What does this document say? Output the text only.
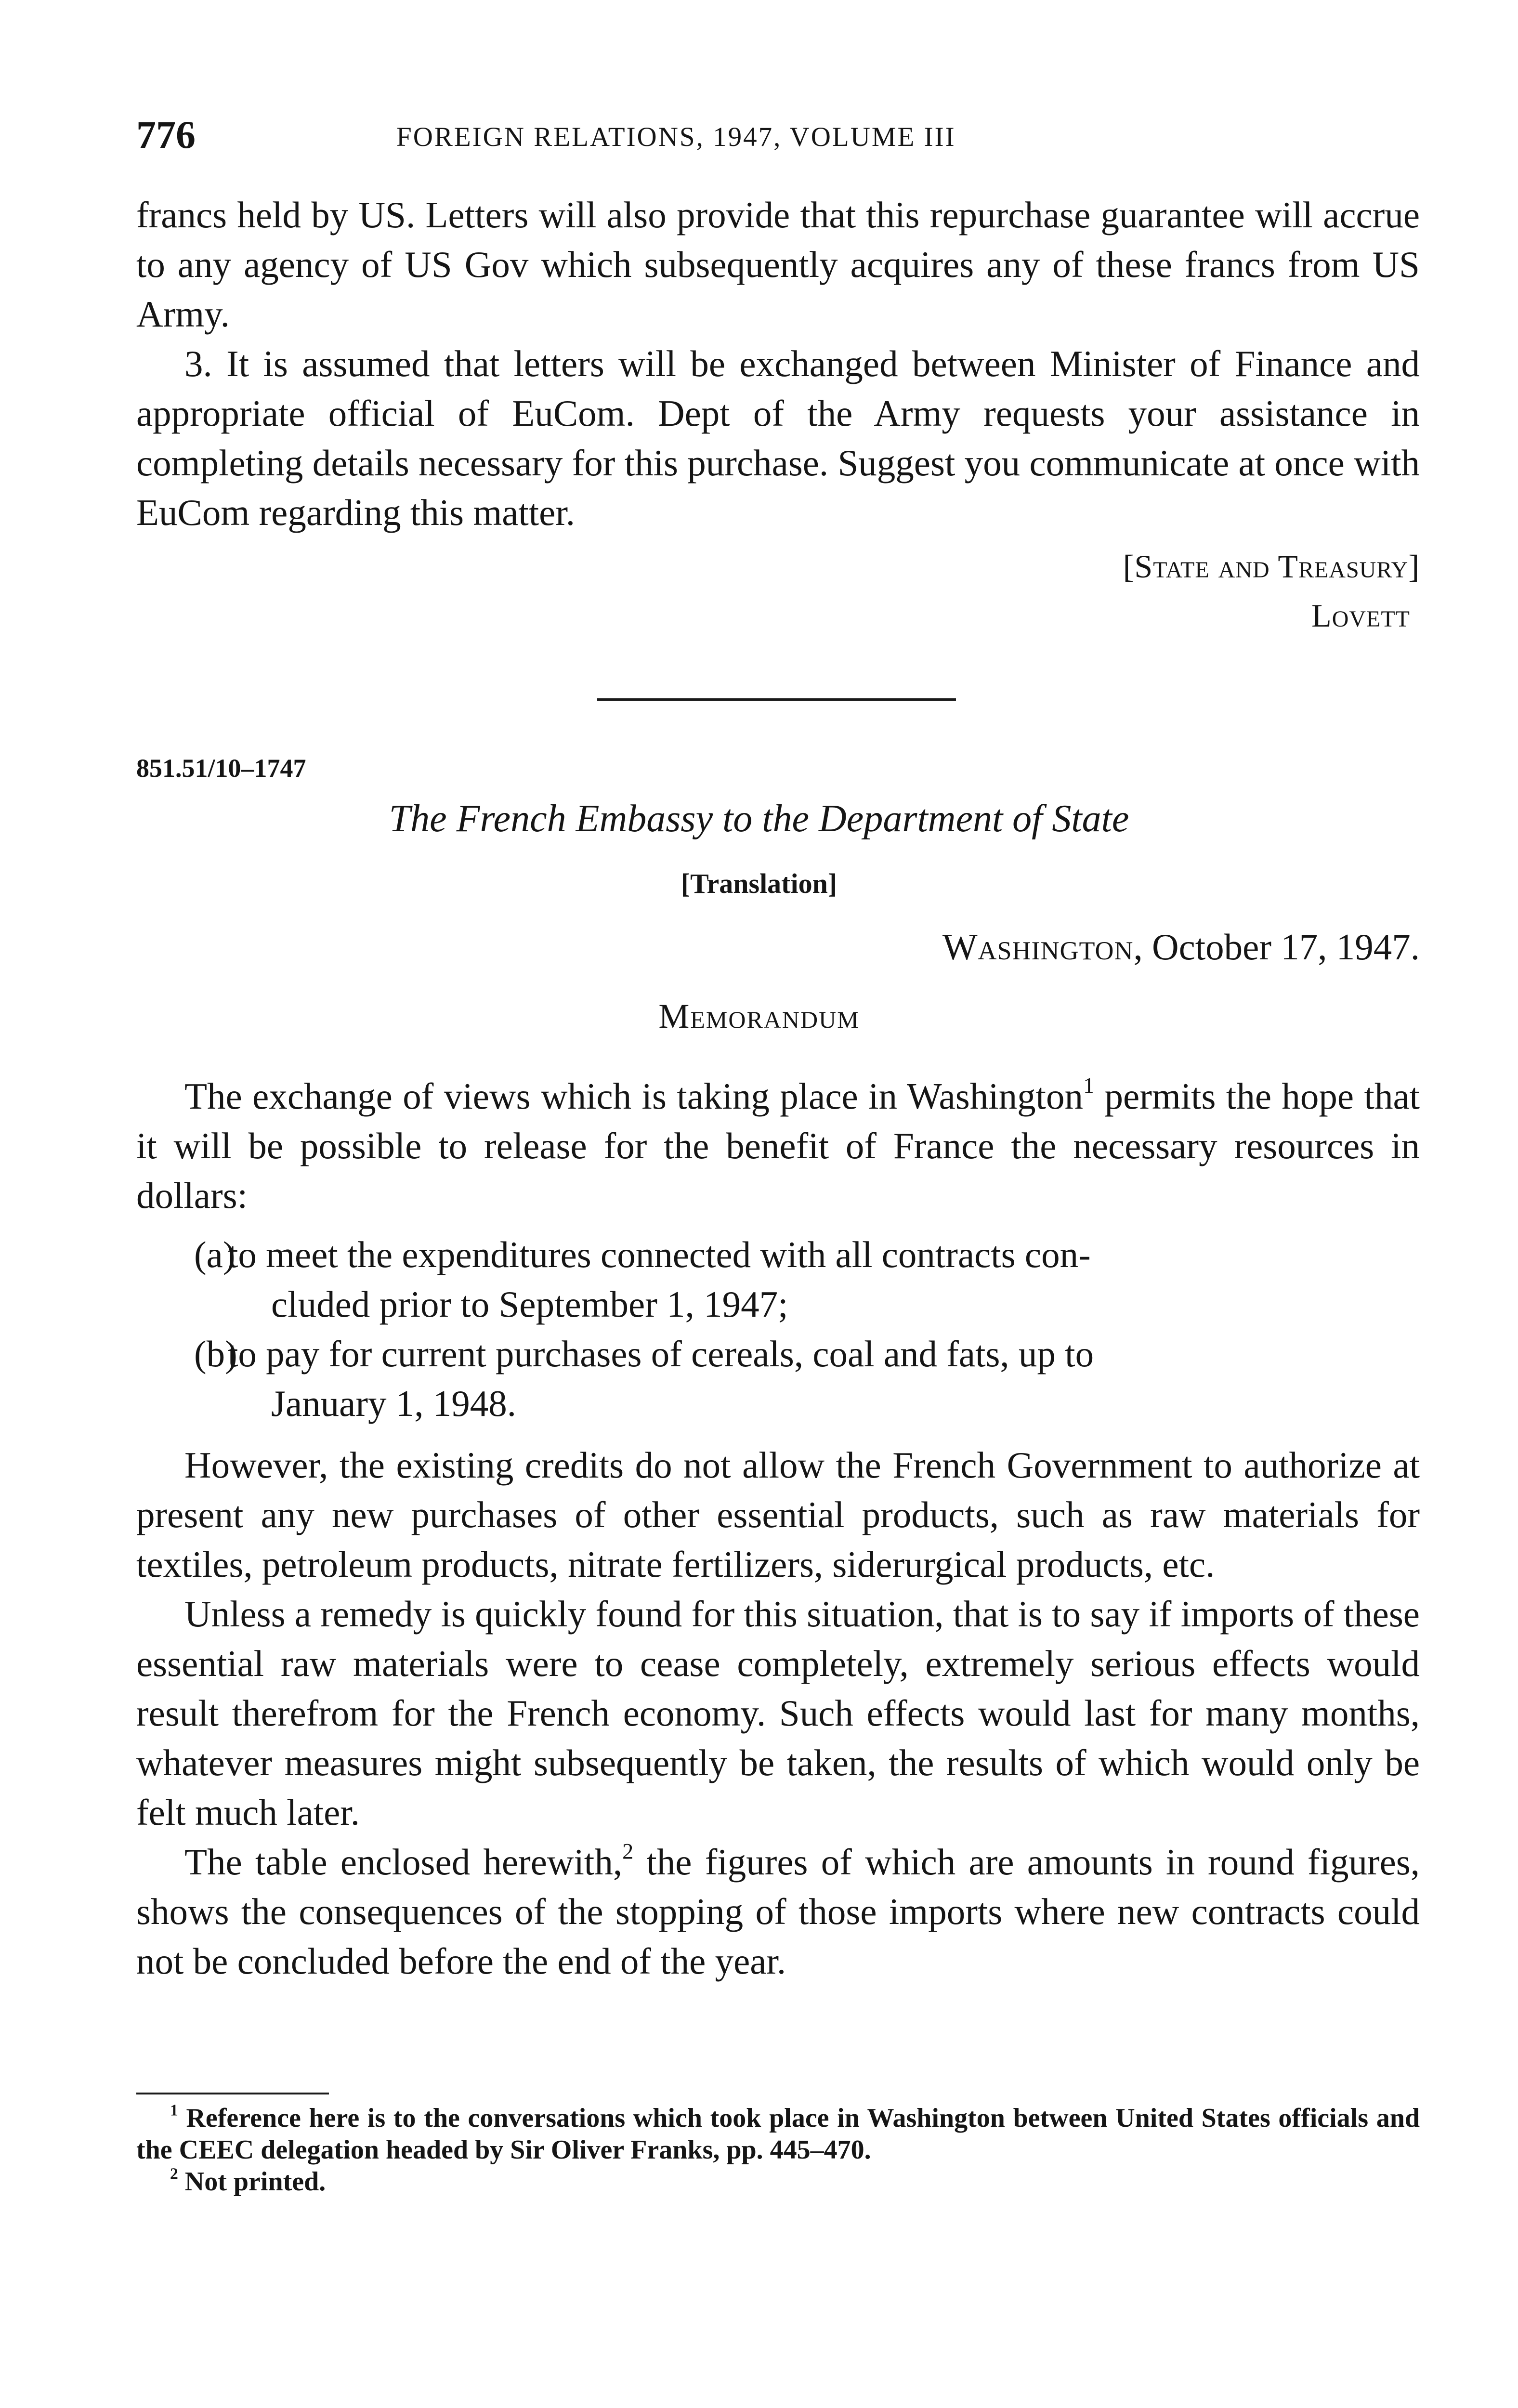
776	FOREIGN RELATIONS, 1947, VOLUME III

francs held by US. Letters will also provide that this repurchase guarantee will accrue to any agency of US Gov which subsequently acquires any of these francs from US Army.

3. It is assumed that letters will be exchanged between Minister of Finance and appropriate official of EuCom. Dept of the Army requests your assistance in completing details necessary for this purchase. Suggest you communicate at once with EuCom regarding this matter.

[State and Treasury]
Lovett
851.51/10–1747
The French Embassy to the Department of State
[Translation]
Washington, October 17, 1947.
Memorandum

The exchange of views which is taking place in Washington$^1$ permits the hope that it will be possible to release for the benefit of France the necessary resources in dollars:

(a)
to meet the expenditures connected with all contracts con-
cluded prior to September 1, 1947;
(b)
to pay for current purchases of cereals, coal and fats, up to
January 1, 1948.

However, the existing credits do not allow the French Government to authorize at present any new purchases of other essential products, such as raw materials for textiles, petroleum products, nitrate fertilizers, siderurgical products, etc.

Unless a remedy is quickly found for this situation, that is to say if imports of these essential raw materials were to cease completely, extremely serious effects would result therefrom for the French economy. Such effects would last for many months, whatever measures might subsequently be taken, the results of which would only be felt much later.

The table enclosed herewith,$^2$ the figures of which are amounts in round figures, shows the consequences of the stopping of those imports where new contracts could not be concluded before the end of the year.

$^1$ Reference here is to the conversations which took place in Washington between United States officials and the CEEC delegation headed by Sir Oliver Franks, pp. 445–470.

$^2$ Not printed.
